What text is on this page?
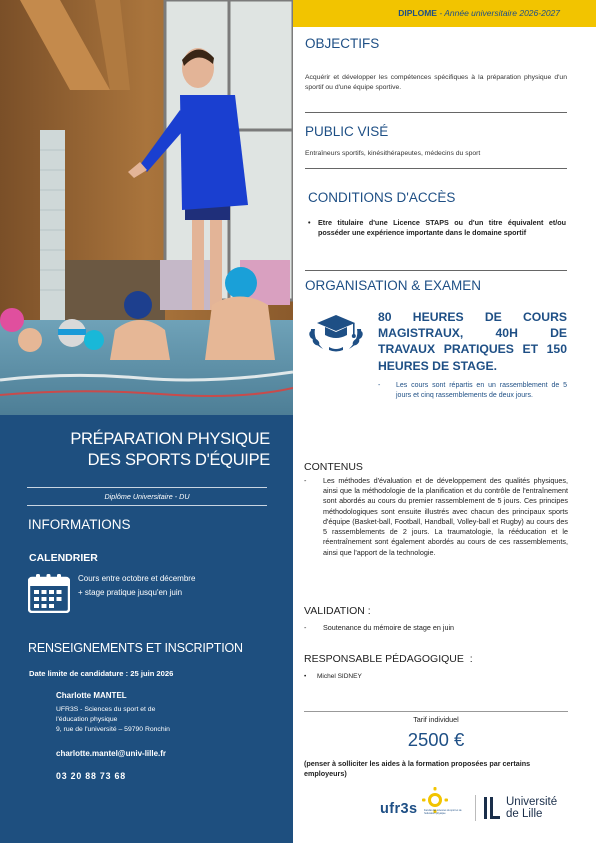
DIPLOME - Année universitaire 2026-2027
OBJECTIFS
Acquérir et développer les compétences spécifiques à la préparation physique d'un sportif ou d'une équipe sportive.
PUBLIC VISÉ
Entraîneurs sportifs, kinésithérapeutes, médecins du sport
CONDITIONS D'ACCÈS
• Etre titulaire d'une Licence STAPS ou d'un titre équivalent et/ou posséder une expérience importante dans le domaine sportif
ORGANISATION & EXAMEN
80 HEURES DE COURS MAGISTRAUX, 40H DE TRAVAUX PRATIQUES ET 150 HEURES DE STAGE.
- Les cours sont répartis en un rassemblement de 5 jours et cinq rassemblements de deux jours.
CONTENUS
- Les méthodes d'évaluation et de développement des qualités physiques, ainsi que la méthodologie de la planification et du contrôle de l'entraînement sont abordés au cours du premier rassemblement de 5 jours. Ces principes méthodologiques sont ensuite illustrés avec chacun des principaux sports d'équipe (Basket-ball, Football, Handball, Volley-ball et Rugby) au cours des 5 rassemblements de 2 jours. La traumatologie, la rééducation et le réentraînement sont également abordés au cours de ces rassemblements, ainsi que l'apport de la technologie.
VALIDATION :
- Soutenance du mémoire de stage en juin
RESPONSABLE PÉDAGOGIQUE  :
• Michel SIDNEY
Tarif individuel
2500 €
(penser à solliciter les aides à la formation proposées par certains employeurs)
ufr3s	Faculté des sciences du sport et de l'éducation physique
Université
de Lille
PRÉPARATION PHYSIQUE
DES SPORTS D'ÉQUIPE
Diplôme Universitaire - DU
INFORMATIONS
CALENDRIER
Cours entre octobre et décembre
+ stage pratique jusqu'en juin
RENSEIGNEMENTS ET INSCRIPTION
Date limite de candidature : 25 juin 2026
Charlotte MANTEL
UFR3S - Sciences du sport et de
l'éducation physique
9, rue de l'université – 59790 Ronchin
charlotte.mantel@univ-lille.fr
03 20 88 73 68
